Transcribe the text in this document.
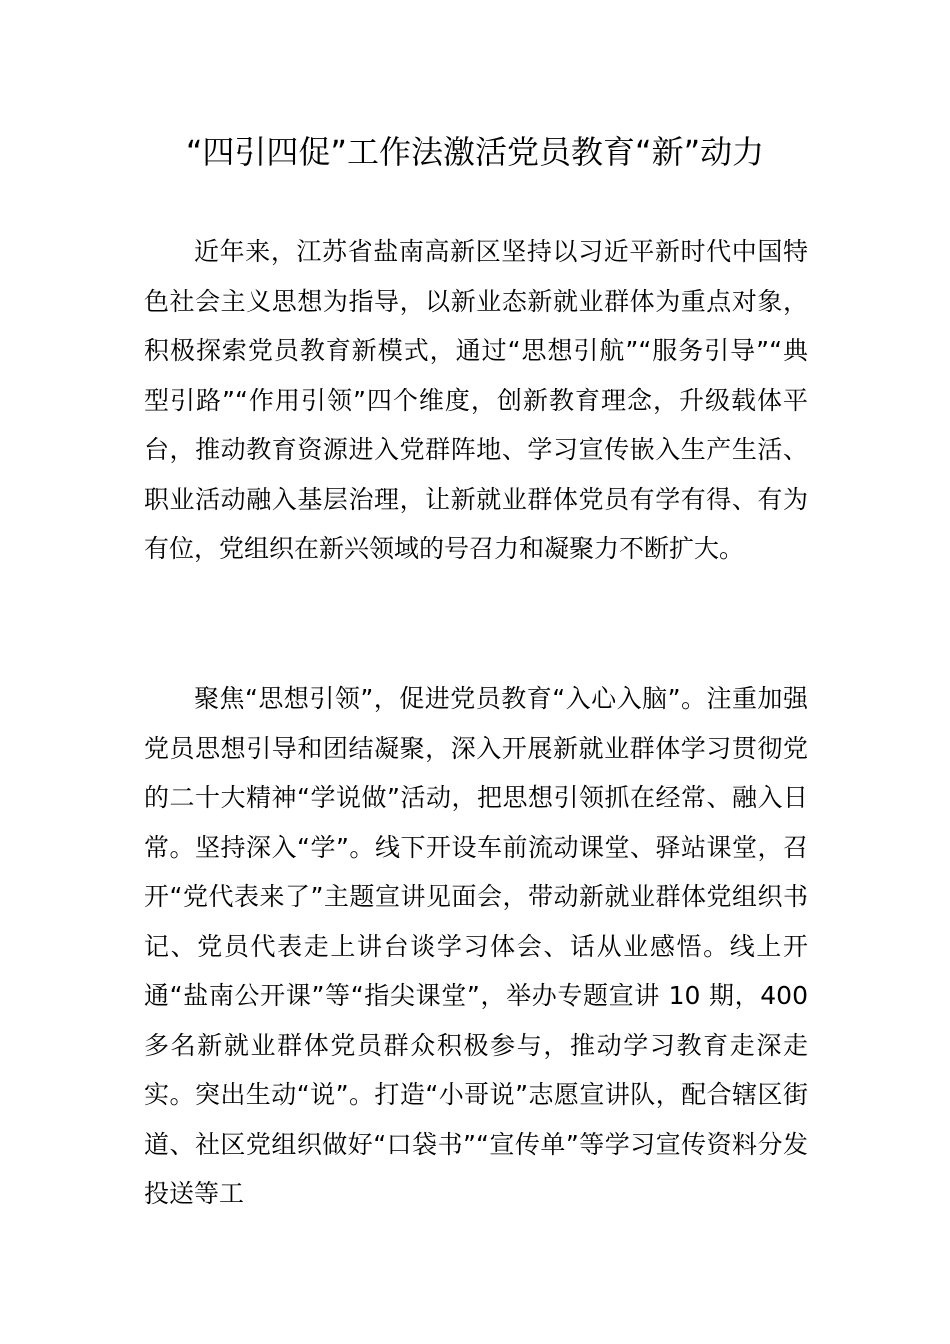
“四引四促”工作法激活党员教育“新”动力

近年来，江苏省盐南高新区坚持以习近平新时代中国特色社会主义思想为指导，以新业态新就业群体为重点对象，积极探索党员教育新模式，通过“思想引航”“服务引导”“典型引路”“作用引领”四个维度，创新教育理念，升级载体平台，推动教育资源进入党群阵地、学习宣传嵌入生产生活、职业活动融入基层治理，让新就业群体党员有学有得、有为有位，党组织在新兴领域的号召力和凝聚力不断扩大。

聚焦“思想引领”，促进党员教育“入心入脑”。注重加强党员思想引导和团结凝聚，深入开展新就业群体学习贯彻党的二十大精神“学说做”活动，把思想引领抓在经常、融入日常。坚持深入“学”。线下开设车前流动课堂、驿站课堂，召开“党代表来了”主题宣讲见面会，带动新就业群体党组织书记、党员代表走上讲台谈学习体会、话从业感悟。线上开通“盐南公开课”等“指尖课堂”，举办专题宣讲 10 期，400 多名新就业群体党员群众积极参与，推动学习教育走深走实。突出生动“说”。打造“小哥说”志愿宣讲队，配合辖区街道、社区党组织做好“口袋书”“宣传单”等学习宣传资料分发投送等工
